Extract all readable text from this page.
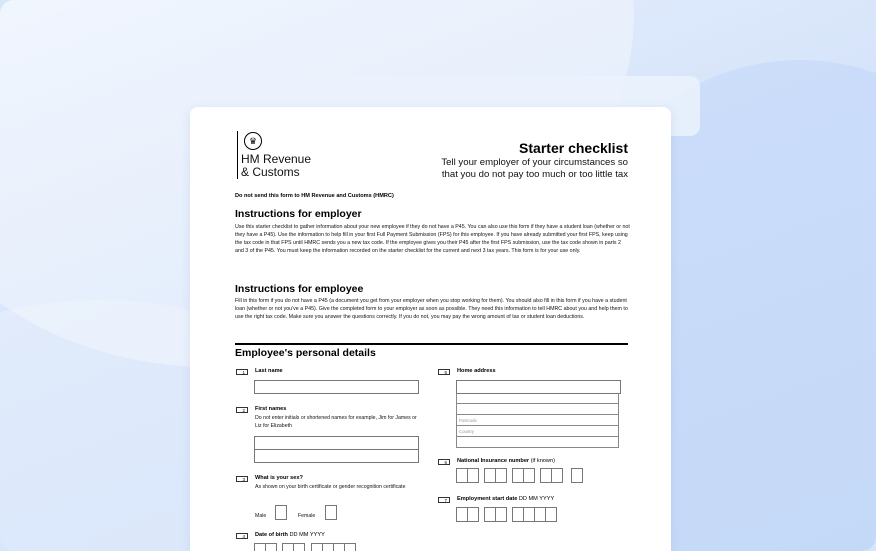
♛
HM Revenue
& Customs
Starter checklist
Tell your employer of your circumstances so
that you do not pay too much or too little tax
Do not send this form to HM Revenue and Customs (HMRC)
Instructions for employer

Use this starter checklist to gather information about your new employee if they do not have a P45. You can also use this form if they have a student loan (whether or not they have a P45). Use the information to help fill in your first Full Payment Submission (FPS) for this employee. If you have already submitted your first FPS, keep using the tax code in that FPS until HMRC sends you a new tax code. If the employee gives you their P45 after the first FPS submission, use the tax code shown in parts 2 and 3 of the P45. You must keep the information recorded on the starter checklist for the current and next 3 tax years. This form is for your use only.

Instructions for employee

Fill in this form if you do not have a P45 (a document you get from your employer when you stop working for them). You should also fill in this form if you have a student loan (whether or not you've a P45). Give the completed form to your employer as soon as possible. They need this information to tell HMRC about you and help them to use the right tax code. Make sure you answer the questions correctly. If you do not, you may pay the wrong amount of tax or student loan deductions.

Employee's personal details
1	Last name
2	First names
Do not enter initials or shortened names for example, Jim for James or Liz for Elizabeth
3	What is your sex?
As shown on your birth certificate or gender recognition certificate
Male	Female
4	Date of birth DD MM YYYY
5	Home address
Postcode
Country
6	National Insurance number (if known)
7	Employment start date DD MM YYYY
